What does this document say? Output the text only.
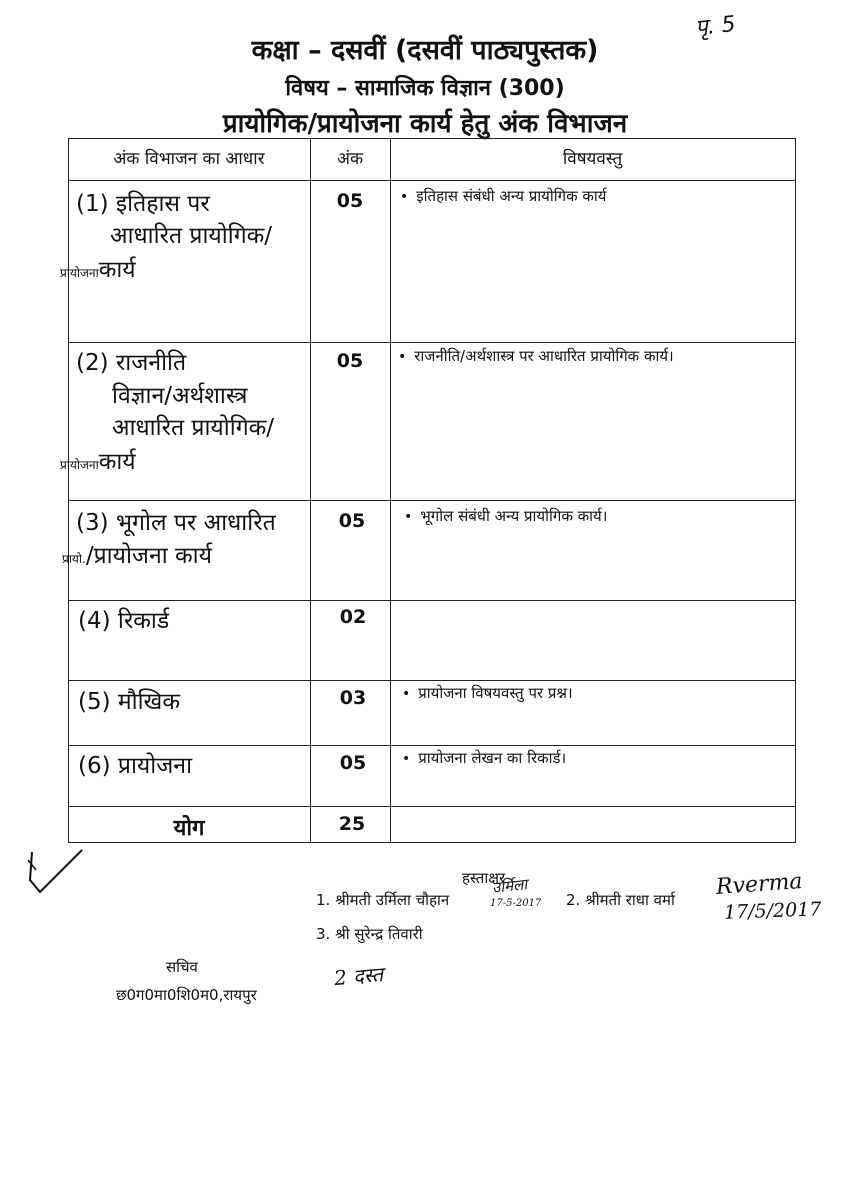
पृ. 5
कक्षा – दसवीं (दसवीं पाठ्यपुस्तक)
विषय – सामाजिक विज्ञान (300)
प्रायोगिक/प्रायोजना कार्य हेतु अंक विभाजन
अंक विभाजन का आधार	अंक	विषयवस्तु
(1) इतिहास पर
आधारित प्रायोगिक/
प्रायोजनाकार्य
05	• इतिहास संबंधी अन्य प्रायोगिक कार्य
(2) राजनीति
विज्ञान/अर्थशास्त्र
आधारित प्रायोगिक/
प्रायोजनाकार्य
05	• राजनीति/अर्थशास्त्र पर आधारित प्रायोगिक कार्य।
(3) भूगोल पर आधारित
प्रायो./प्रायोजना कार्य
05	• भूगोल संबंधी अन्य प्रायोगिक कार्य।
(4) रिकार्ड	02
(5) मौखिक	03	• प्रायोजना विषयवस्तु पर प्रश्न।
(6) प्रायोजना	05	• प्रायोजना लेखन का रिकार्ड।
योग	25
हस्ताक्षर
1. श्रीमती उर्मिला चौहान
उर्मिला
17-5-2017 2. श्रीमती राधा वर्मा
Rverma
17/5/2017
3. श्री सुरेन्द्र तिवारी
सचिव
छ0ग0मा0शि0म0,रायपुर
2 दस्त
